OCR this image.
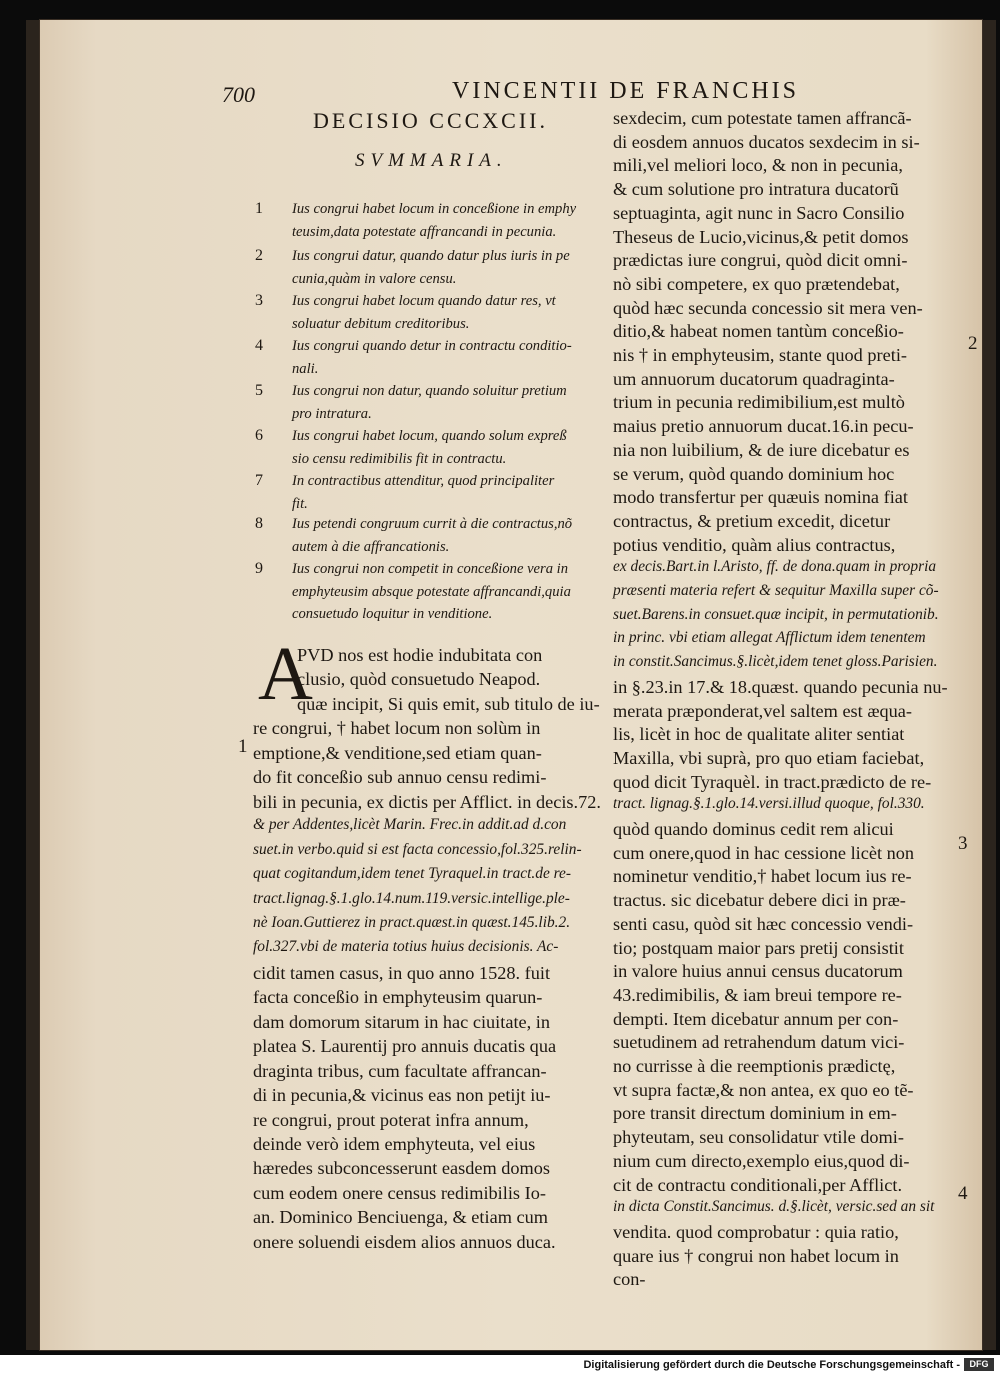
700	VINCENTII DE FRANCHIS
DECISIO CCCXCII.
SVMMARIA.
1 Ius congrui habet locum in conceßione in emphy
teusim,data potestate affrancandi in pecunia.
2 Ius congrui datur, quando datur plus iuris in pe
cunia,quàm in valore censu.
3 Ius congrui habet locum quando datur res, vt
soluatur debitum creditoribus.
4 Ius congrui quando detur in contractu conditio-
nali.
5 Ius congrui non datur, quando soluitur pretium
pro intratura.
6 Ius congrui habet locum, quando solum expreß
sio censu redimibilis fit in contractu.
7 In contractibus attenditur, quod principaliter
fit.
8 Ius petendi congruum currit à die contractus,nõ
autem à die affrancationis.
9 Ius congrui non competit in conceßione vera in
emphyteusim absque potestate affrancandi,quia
consuetudo loquitur in venditione.
A
PVD nos est hodie indubitata con
clusio, quòd consuetudo Neapod.
quæ incipit, Si quis emit, sub titulo de iu-
re congrui, † habet locum non solùm in
emptione,& venditione,sed etiam quan-
do fit conceßio sub annuo censu redimi-
bili in pecunia, ex dictis per Afflict. in decis.72.
& per Addentes,licèt Marin. Frec.in addit.ad d.con
suet.in verbo.quid si est facta concessio,fol.325.relin-
quat cogitandum,idem tenet Tyraquel.in tract.de re-
tract.lignag.§.1.glo.14.num.119.versic.intellige.ple-
nè Ioan.Guttierez in pract.quæst.in quæst.145.lib.2.
fol.327.vbi de materia totius huius decisionis. Ac-
cidit tamen casus, in quo anno 1528. fuit
facta conceßio in emphyteusim quarun-
dam domorum sitarum in hac ciuitate, in
platea S. Laurentij pro annuis ducatis qua
draginta tribus, cum facultate affrancan-
di in pecunia,& vicinus eas non petijt iu-
re congrui, prout poterat infra annum,
deinde verò idem emphyteuta, vel eius
hæredes subconcesserunt easdem domos
cum eodem onere census redimibilis Io-
an. Dominico Benciuenga, & etiam cum
onere soluendi eisdem alios annuos duca.
sexdecim, cum potestate tamen affrancã-
di eosdem annuos ducatos sexdecim in si-
mili,vel meliori loco, & non in pecunia,
& cum solutione pro intratura ducatorũ
septuaginta, agit nunc in Sacro Consilio
Theseus de Lucio,vicinus,& petit domos
prædictas iure congrui, quòd dicit omni-
nò sibi competere, ex quo prætendebat,
quòd hæc secunda concessio sit mera ven-
ditio,& habeat nomen tantùm conceßio-
nis † in emphyteusim, stante quod preti-
um annuorum ducatorum quadraginta-
trium in pecunia redimibilium,est multò
maius pretio annuorum ducat.16.in pecu-
nia non luibilium, & de iure dicebatur es
se verum, quòd quando dominium hoc
modo transfertur per quæuis nomina fiat
contractus, & pretium excedit, dicetur
potius venditio, quàm alius contractus,
ex decis.Bart.in l.Aristo, ff. de dona.quam in propria
præsenti materia refert & sequitur Maxilla super cõ-
suet.Barens.in consuet.quæ incipit, in permutationib.
in princ. vbi etiam allegat Afflictum idem tenentem
in constit.Sancimus.§.licèt,idem tenet gloss.Parisien.
in §.23.in 17.& 18.quæst. quando pecunia nu-
merata præponderat,vel saltem est æqua-
lis, licèt in hoc de qualitate aliter sentiat
Maxilla, vbi suprà, pro quo etiam faciebat,
quod dicit Tyraquèl. in tract.prædicto de re-
tract. lignag.§.1.glo.14.versi.illud quoque, fol.330.
quòd quando dominus cedit rem alicui
cum onere,quod in hac cessione licèt non
nominetur venditio,† habet locum ius re-
tractus. sic dicebatur debere dici in præ-
senti casu, quòd sit hæc concessio vendi-
tio; postquam maior pars pretij consistit
in valore huius annui census ducatorum
43.redimibilis, & iam breui tempore re-
dempti. Item dicebatur annum per con-
suetudinem ad retrahendum datum vici-
no currisse à die reemptionis prædictę,
vt supra factæ,& non antea, ex quo eo tẽ-
pore transit directum dominium in em-
phyteutam, seu consolidatur vtile domi-
nium cum directo,exemplo eius,quod di-
cit de contractu conditionali,per Afflict.
in dicta Constit.Sancimus. d.§.licèt, versic.sed an sit
vendita. quod comprobatur : quia ratio,
quare ius † congrui non habet locum in
con-
1
2
3
4
Digitalisierung gefördert durch die Deutsche Forschungsgemeinschaft -	DFG
